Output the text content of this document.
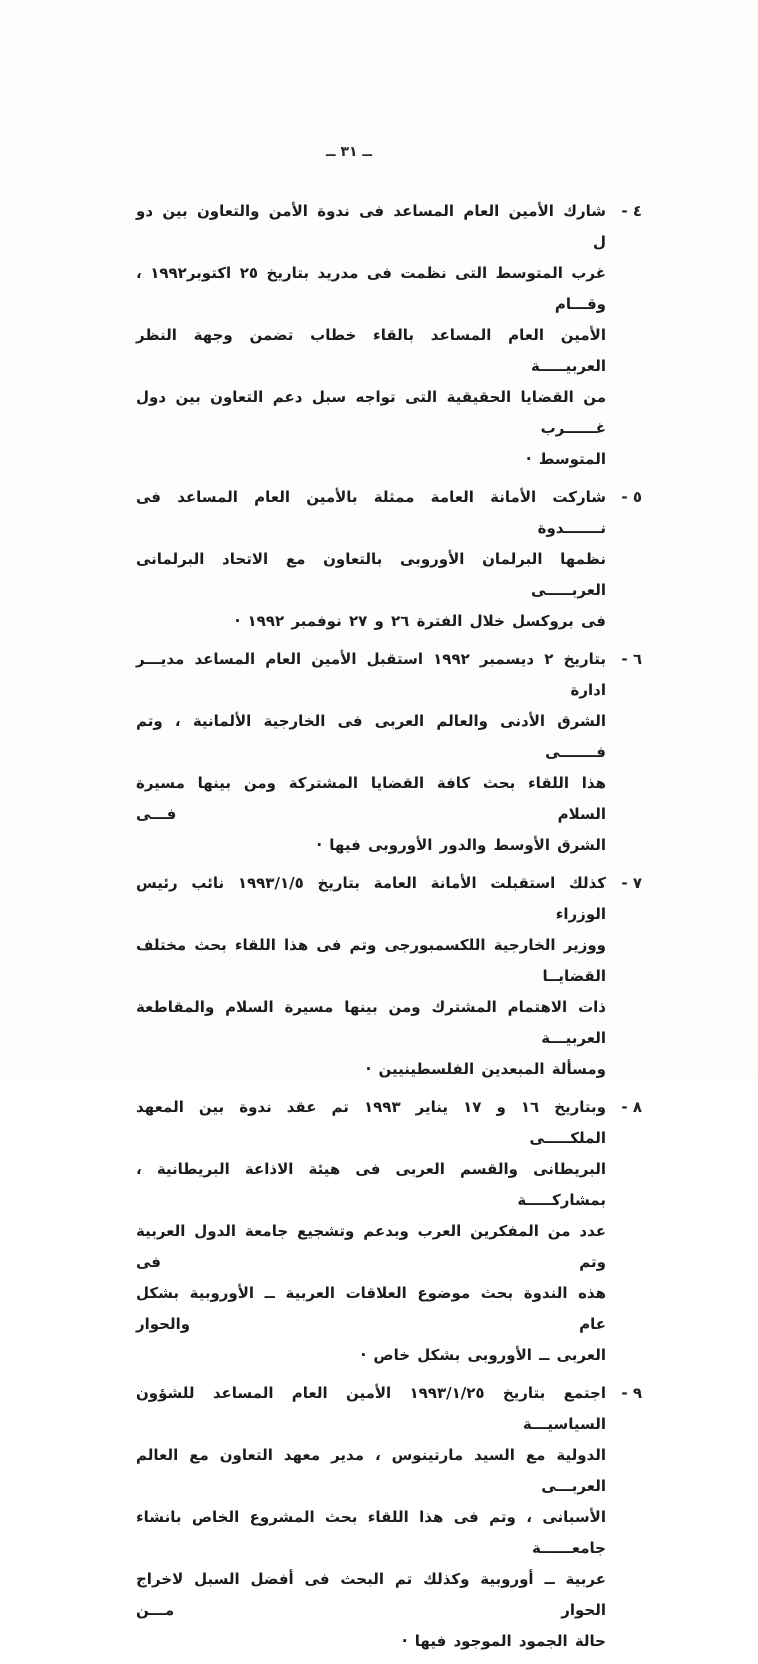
ــ ٣١ ــ
٤ -
شارك الأمين العام المساعد فى ندوة الأمن والتعاون بين دو ل
غرب المتوسط التى نظمت فى مدريد بتاريخ ٢٥ اكتوبر١٩٩٢ ، وقـــام
الأمين العام المساعد بالقاء خطاب تضمن وجهة النظر العربيـــــة
من القضايا الحقيقية التى تواجه سبل دعم التعاون بين دول غــــــرب
المتوسط ·
٥ -
شاركت الأمانة العامة ممثلة بالأمين العام المساعد فى نـــــــدوة
نظمها البرلمان الأوروبى بالتعاون مع الاتحاد البرلمانى العربـــــى
فى بروكسل خلال الفترة ٢٦ و ٢٧ نوفمبر ١٩٩٢ ·
٦ -
بتاريخ ٢ ديسمبر ١٩٩٢ استقبل الأمين العام المساعد مديـــر ادارة
الشرق الأدنى والعالم العربى فى الخارجية الألمانية ، وتم فـــــــى
هذا اللقاء بحث كافة القضايا المشتركة ومن بينها مسيرة السلام فـــى
الشرق الأوسط والدور الأوروبى فيها ·
٧ -
كذلك استقبلت الأمانة العامة بتاريخ ١٩٩٣/١/٥ نائب رئيس الوزراء
ووزير الخارجية اللكسمبورجى وتم فى هذا اللقاء بحث مختلف القضايــا
ذات الاهتمام المشترك ومن بينها مسيرة السلام والمقاطعة العربيـــة
ومسألة المبعدين الفلسطينيين ·
٨ -
وبتاريخ ١٦ و ١٧ يناير ١٩٩٣ تم عقد ندوة بين المعهد الملكـــــى
البريطانى والقسم العربى فى هيئة الاذاعة البريطانية ، بمشاركـــــة
عدد من المفكرين العرب وبدعم وتشجيع جامعة الدول العربية وتم فى
هذه الندوة بحث موضوع العلاقات العربية ــ الأوروبية بشكل عام والحوار
العربى ــ الأوروبى بشكل خاص ·
٩ -
اجتمع بتاريخ ١٩٩٣/١/٢٥ الأمين العام المساعد للشؤون السياسيـــة
الدولية مع السيد مارتينوس ، مدير معهد التعاون مع العالم العربـــى
الأسبانى ، وتم فى هذا اللقاء بحث المشروع الخاص بانشاء جامعــــــة
عربية ــ أوروبية وكذلك تم البحث فى أفضل السبل لاخراج الحوار مـــن
حالة الجمود الموجود فيها ·
